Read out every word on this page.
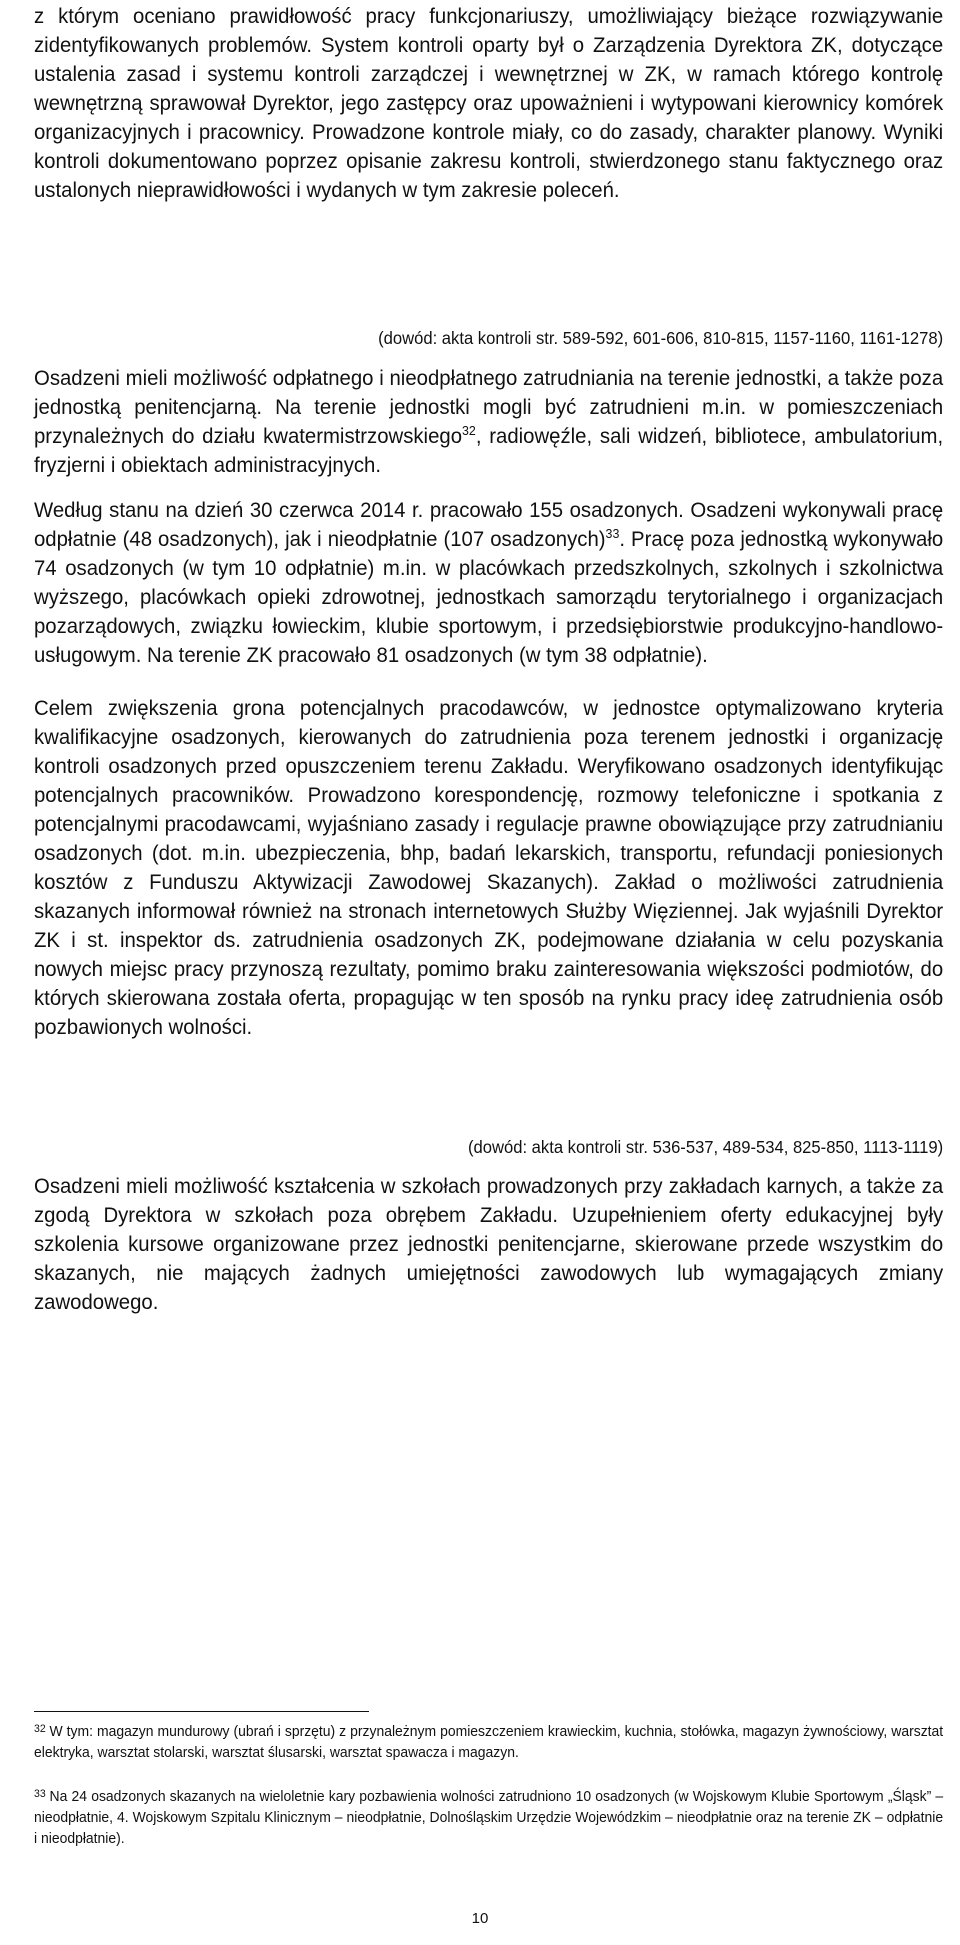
z którym oceniano prawidłowość pracy funkcjonariuszy, umożliwiający bieżące rozwiązywanie zidentyfikowanych problemów. System kontroli oparty był o Zarządzenia Dyrektora ZK, dotyczące ustalenia zasad i systemu kontroli zarządczej i wewnętrznej w ZK, w ramach którego kontrolę wewnętrzną sprawował Dyrektor, jego zastępcy oraz upoważnieni i wytypowani kierownicy komórek organizacyjnych i pracownicy. Prowadzone kontrole miały, co do zasady, charakter planowy. Wyniki kontroli dokumentowano poprzez opisanie zakresu kontroli, stwierdzonego stanu faktycznego oraz ustalonych nieprawidłowości i wydanych w tym zakresie poleceń.

(dowód: akta kontroli str. 589-592, 601-606, 810-815, 1157-1160, 1161-1278)

Osadzeni mieli możliwość odpłatnego i nieodpłatnego zatrudniania na terenie jednostki, a także poza jednostką penitencjarną. Na terenie jednostki mogli być zatrudnieni m.in. w pomieszczeniach przynależnych do działu kwatermistrzowskiego$^{32}$, radiowęźle, sali widzeń, bibliotece, ambulatorium, fryzjerni i obiektach administracyjnych.

Według stanu na dzień 30 czerwca 2014 r. pracowało 155 osadzonych. Osadzeni wykonywali pracę odpłatnie (48 osadzonych), jak i nieodpłatnie (107 osadzonych)$^{33}$. Pracę poza jednostką wykonywało 74 osadzonych (w tym 10 odpłatnie) m.in. w placówkach przedszkolnych, szkolnych i szkolnictwa wyższego, placówkach opieki zdrowotnej, jednostkach samorządu terytorialnego i organizacjach pozarządowych, związku łowieckim, klubie sportowym, i przedsiębiorstwie produkcyjno-handlowo-usługowym. Na terenie ZK pracowało 81 osadzonych (w tym 38 odpłatnie).

Celem zwiększenia grona potencjalnych pracodawców, w jednostce optymalizowano kryteria kwalifikacyjne osadzonych, kierowanych do zatrudnienia poza terenem jednostki i organizację kontroli osadzonych przed opuszczeniem terenu Zakładu. Weryfikowano osadzonych identyfikując potencjalnych pracowników. Prowadzono korespondencję, rozmowy telefoniczne i spotkania z potencjalnymi pracodawcami, wyjaśniano zasady i regulacje prawne obowiązujące przy zatrudnianiu osadzonych (dot. m.in. ubezpieczenia, bhp, badań lekarskich, transportu, refundacji poniesionych kosztów z Funduszu Aktywizacji Zawodowej Skazanych). Zakład o możliwości zatrudnienia skazanych informował również na stronach internetowych Służby Więziennej. Jak wyjaśnili Dyrektor ZK i st. inspektor ds. zatrudnienia osadzonych ZK, podejmowane działania w celu pozyskania nowych miejsc pracy przynoszą rezultaty, pomimo braku zainteresowania większości podmiotów, do których skierowana została oferta, propagując w ten sposób na rynku pracy ideę zatrudnienia osób pozbawionych wolności.

(dowód: akta kontroli str. 536-537, 489-534, 825-850, 1113-1119)

Osadzeni mieli możliwość kształcenia w szkołach prowadzonych przy zakładach karnych, a także za zgodą Dyrektora w szkołach poza obrębem Zakładu. Uzupełnieniem oferty edukacyjnej były szkolenia kursowe organizowane przez jednostki penitencjarne, skierowane przede wszystkim do skazanych, nie mających żadnych umiejętności zawodowych lub wymagających zmiany zawodowego.

$^{32}$ W tym: magazyn mundurowy (ubrań i sprzętu) z przynależnym pomieszczeniem krawieckim, kuchnia, stołówka, magazyn żywnościowy, warsztat elektryka, warsztat stolarski, warsztat ślusarski, warsztat spawacza i magazyn.

$^{33}$ Na 24 osadzonych skazanych na wieloletnie kary pozbawienia wolności zatrudniono 10 osadzonych (w Wojskowym Klubie Sportowym „Śląsk” – nieodpłatnie, 4. Wojskowym Szpitalu Klinicznym – nieodpłatnie, Dolnośląskim Urzędzie Wojewódzkim – nieodpłatnie oraz na terenie ZK – odpłatnie i nieodpłatnie).

10
